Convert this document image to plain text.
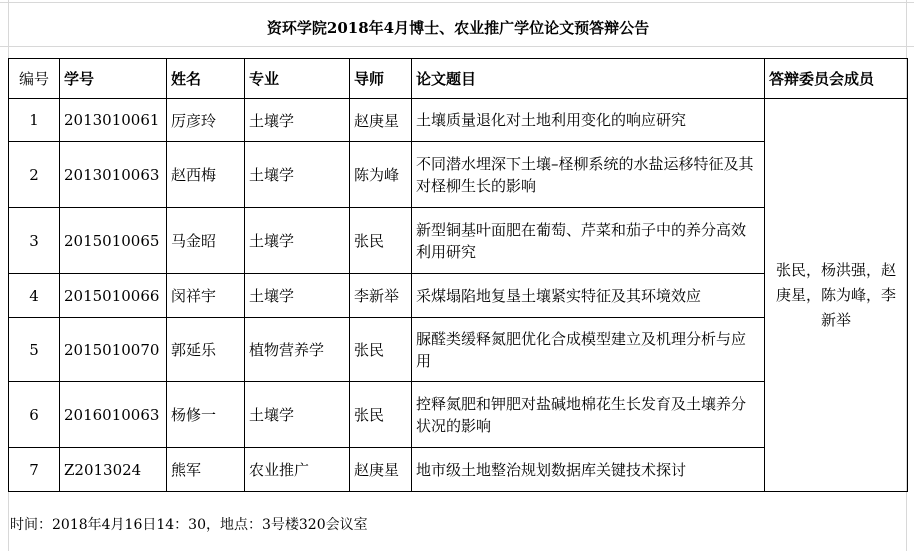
资环学院2018年4月博士、农业推广学位论文预答辩公告
编号	学号	姓名	专业	导师	论文题目	答辩委员会成员
1	2013010061	厉彦玲	土壤学	赵庚星	土壤质量退化对土地利用变化的响应研究	张民，杨洪强，赵庚星，陈为峰，李新举
2	2013010063	赵西梅	土壤学	陈为峰	不同潜水埋深下土壤–柽柳系统的水盐运移特征及其对柽柳生长的影响	
3	2015010065	马金昭	土壤学	张民	新型铜基叶面肥在葡萄、芹菜和茄子中的养分高效利用研究	
4	2015010066	闵祥宇	土壤学	李新举	采煤塌陷地复垦土壤紧实特征及其环境效应	
5	2015010070	郭延乐	植物营养学	张民	脲醛类缓释氮肥优化合成模型建立及机理分析与应用	
6	2016010063	杨修一	土壤学	张民	控释氮肥和钾肥对盐碱地棉花生长发育及土壤养分状况的影响	
7	Z2013024	熊军	农业推广	赵庚星	地市级土地整治规划数据库关键技术探讨	
时间：2018年4月16日14：30，地点：3号楼320会议室
